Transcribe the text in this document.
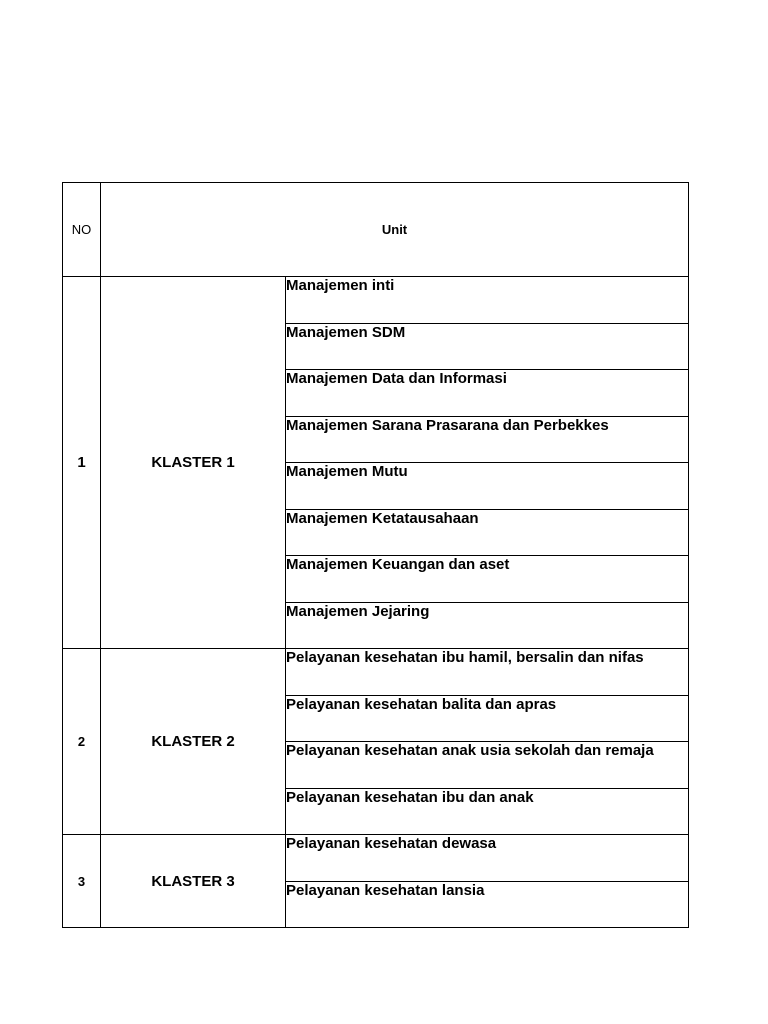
NO	Unit	
1	KLASTER 1	Manajemen inti
		Manajemen SDM
		Manajemen Data dan Informasi
		Manajemen Sarana Prasarana dan Perbekkes
		Manajemen Mutu
		Manajemen Ketatausahaan
		Manajemen Keuangan dan aset
		Manajemen Jejaring
2	KLASTER 2	Pelayanan kesehatan ibu hamil, bersalin dan nifas
		Pelayanan kesehatan balita dan apras
		Pelayanan kesehatan anak usia sekolah dan remaja
		Pelayanan kesehatan ibu dan anak
3	KLASTER 3	Pelayanan kesehatan dewasa
		Pelayanan kesehatan lansia
